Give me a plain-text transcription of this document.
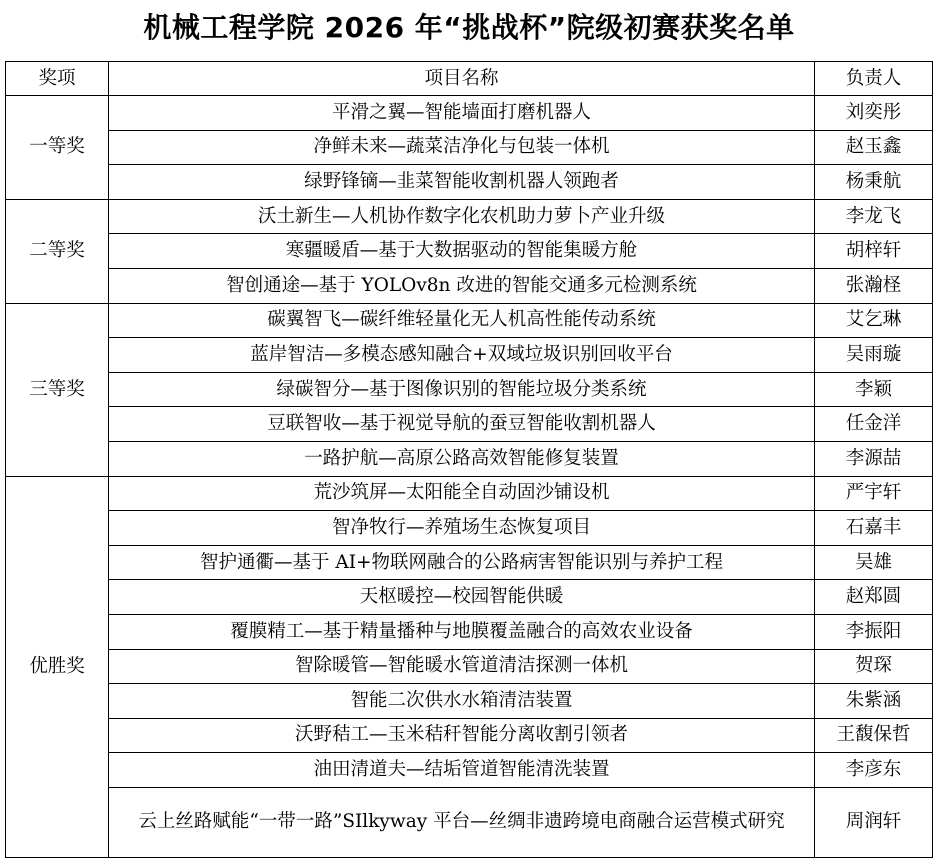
机械工程学院 2026 年“挑战杯”院级初赛获奖名单
奖项	项目名称	负责人
一等奖	平滑之翼—智能墙面打磨机器人	刘奕彤
	净鲜未来—蔬菜洁净化与包装一体机	赵玉鑫
	绿野锋镝—韭菜智能收割机器人领跑者	杨秉航
二等奖	沃土新生—人机协作数字化农机助力萝卜产业升级	李龙飞
	寒疆暖盾—基于大数据驱动的智能集暖方舱	胡梓轩
	智创通途—基于 YOLOv8n 改进的智能交通多元检测系统	张瀚柽
三等奖	碳翼智飞—碳纤维轻量化无人机高性能传动系统	艾乞琳
	蓝岸智洁—多模态感知融合+双域垃圾识别回收平台	吴雨璇
	绿碳智分—基于图像识别的智能垃圾分类系统	李颖
	豆联智收—基于视觉导航的蚕豆智能收割机器人	任金洋
	一路护航—高原公路高效智能修复装置	李源喆
优胜奖	荒沙筑屏—太阳能全自动固沙铺设机	严宇轩
	智净牧行—养殖场生态恢复项目	石嘉丰
	智护通衢—基于 AI+物联网融合的公路病害智能识别与养护工程	吴雄
	天枢暖控—校园智能供暖	赵郑圆
	覆膜精工—基于精量播种与地膜覆盖融合的高效农业设备	李振阳
	智除暖管—智能暖水管道清洁探测一体机	贺琛
	智能二次供水水箱清洁装置	朱紫涵
	沃野秸工—玉米秸秆智能分离收割引领者	王馥保哲
	油田清道夫—结垢管道智能清洗装置	李彦东
	云上丝路赋能“一带一路”SIlkyway 平台—丝绸非遗跨境电商融合运营模式研究	周润轩
